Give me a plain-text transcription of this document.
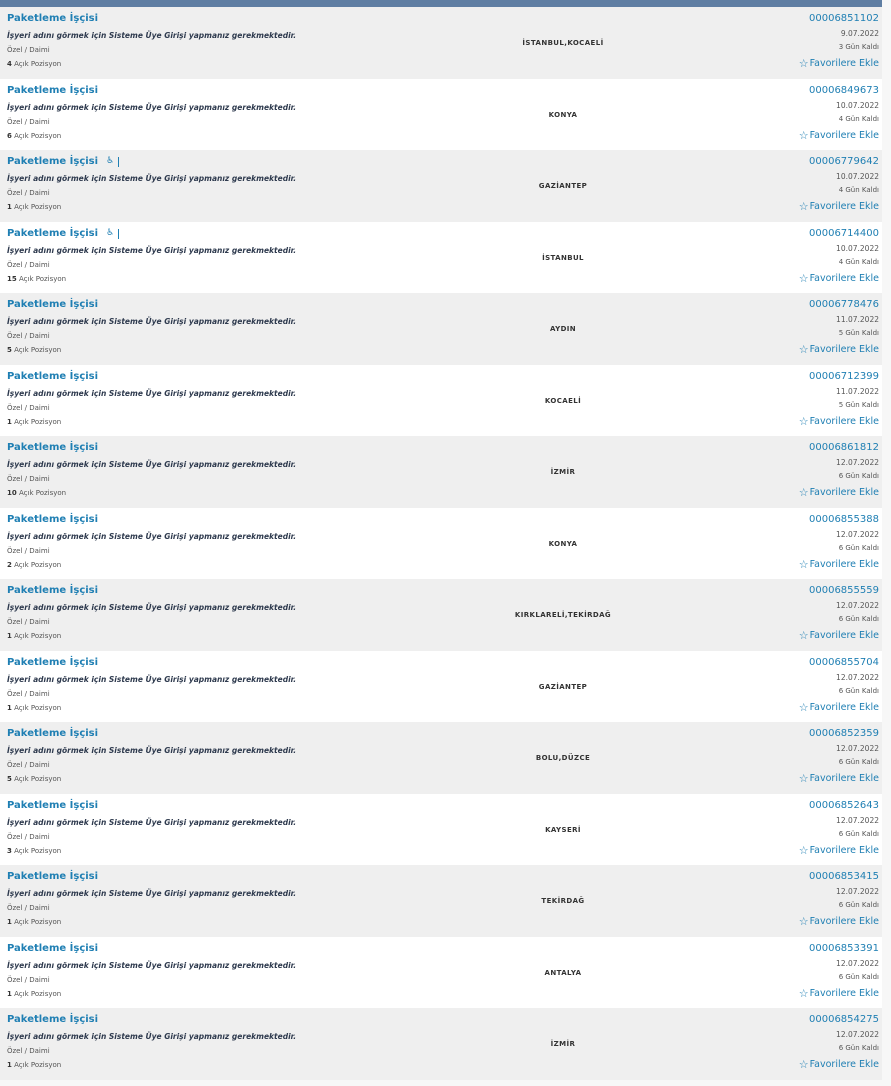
Paketleme İşçisi
İşyeri adını görmek için Sisteme Üye Girişi yapmanız gerekmektedir.
Özel / Daimi
4 Açık Pozisyon
İSTANBUL,KOCAELİ
00006851102
9.07.2022
3 Gün Kaldı
☆ Favorilere Ekle
Paketleme İşçisi
İşyeri adını görmek için Sisteme Üye Girişi yapmanız gerekmektedir.
Özel / Daimi
6 Açık Pozisyon
KONYA
00006849673
10.07.2022
4 Gün Kaldı
☆ Favorilere Ekle
Paketleme İşçisi ♿
İşyeri adını görmek için Sisteme Üye Girişi yapmanız gerekmektedir.
Özel / Daimi
1 Açık Pozisyon
GAZİANTEP
00006779642
10.07.2022
4 Gün Kaldı
☆ Favorilere Ekle
Paketleme İşçisi ♿
İşyeri adını görmek için Sisteme Üye Girişi yapmanız gerekmektedir.
Özel / Daimi
15 Açık Pozisyon
İSTANBUL
00006714400
10.07.2022
4 Gün Kaldı
☆ Favorilere Ekle
Paketleme İşçisi
İşyeri adını görmek için Sisteme Üye Girişi yapmanız gerekmektedir.
Özel / Daimi
5 Açık Pozisyon
AYDIN
00006778476
11.07.2022
5 Gün Kaldı
☆ Favorilere Ekle
Paketleme İşçisi
İşyeri adını görmek için Sisteme Üye Girişi yapmanız gerekmektedir.
Özel / Daimi
1 Açık Pozisyon
KOCAELİ
00006712399
11.07.2022
5 Gün Kaldı
☆ Favorilere Ekle
Paketleme İşçisi
İşyeri adını görmek için Sisteme Üye Girişi yapmanız gerekmektedir.
Özel / Daimi
10 Açık Pozisyon
İZMİR
00006861812
12.07.2022
6 Gün Kaldı
☆ Favorilere Ekle
Paketleme İşçisi
İşyeri adını görmek için Sisteme Üye Girişi yapmanız gerekmektedir.
Özel / Daimi
2 Açık Pozisyon
KONYA
00006855388
12.07.2022
6 Gün Kaldı
☆ Favorilere Ekle
Paketleme İşçisi
İşyeri adını görmek için Sisteme Üye Girişi yapmanız gerekmektedir.
Özel / Daimi
1 Açık Pozisyon
KIRKLARELİ,TEKİRDAĞ
00006855559
12.07.2022
6 Gün Kaldı
☆ Favorilere Ekle
Paketleme İşçisi
İşyeri adını görmek için Sisteme Üye Girişi yapmanız gerekmektedir.
Özel / Daimi
1 Açık Pozisyon
GAZİANTEP
00006855704
12.07.2022
6 Gün Kaldı
☆ Favorilere Ekle
Paketleme İşçisi
İşyeri adını görmek için Sisteme Üye Girişi yapmanız gerekmektedir.
Özel / Daimi
5 Açık Pozisyon
BOLU,DÜZCE
00006852359
12.07.2022
6 Gün Kaldı
☆ Favorilere Ekle
Paketleme İşçisi
İşyeri adını görmek için Sisteme Üye Girişi yapmanız gerekmektedir.
Özel / Daimi
3 Açık Pozisyon
KAYSERİ
00006852643
12.07.2022
6 Gün Kaldı
☆ Favorilere Ekle
Paketleme İşçisi
İşyeri adını görmek için Sisteme Üye Girişi yapmanız gerekmektedir.
Özel / Daimi
1 Açık Pozisyon
TEKİRDAĞ
00006853415
12.07.2022
6 Gün Kaldı
☆ Favorilere Ekle
Paketleme İşçisi
İşyeri adını görmek için Sisteme Üye Girişi yapmanız gerekmektedir.
Özel / Daimi
1 Açık Pozisyon
ANTALYA
00006853391
12.07.2022
6 Gün Kaldı
☆ Favorilere Ekle
Paketleme İşçisi
İşyeri adını görmek için Sisteme Üye Girişi yapmanız gerekmektedir.
Özel / Daimi
1 Açık Pozisyon
İZMİR
00006854275
12.07.2022
6 Gün Kaldı
☆ Favorilere Ekle
